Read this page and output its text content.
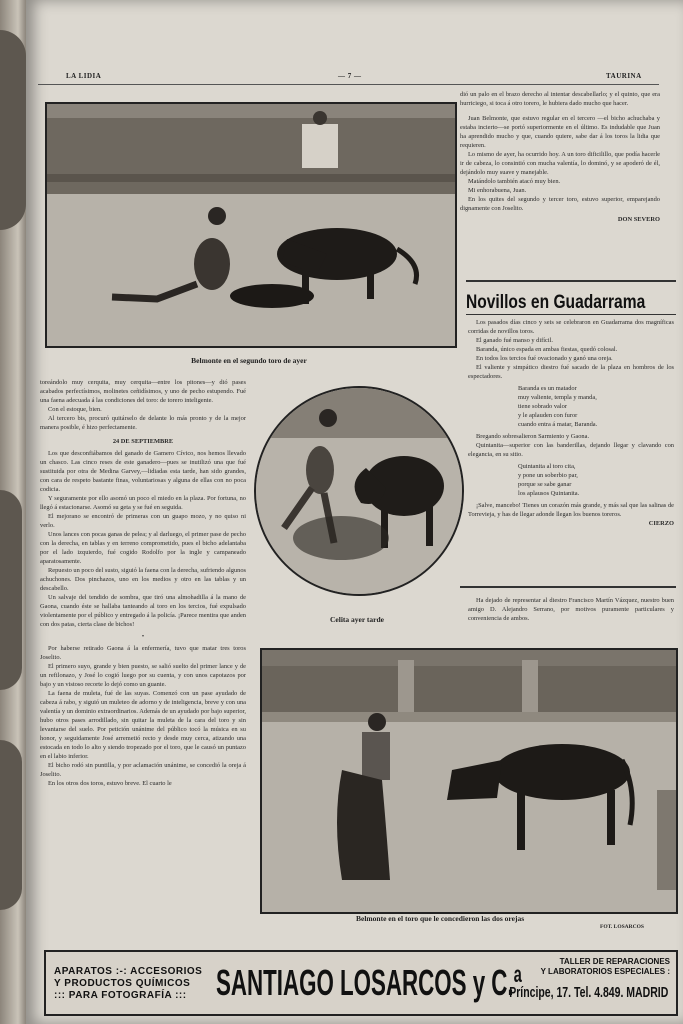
LA LIDIA	— 7 —	TAURINA
Belmonte en el segundo toro de ayer

dió un palo en el brazo derecho al intentar descabellarlo; y el quinto, que era hurriciego, si toca á otro torero, le hubiera dado mucho que hacer.

Juan Belmonte, que estuvo regular en el tercero —el bicho achuchaba y estaba incierto—se portó superiormente en el último. Es indudable que Juan ha aprendido mucho y que, cuando quiere, sabe dar á los toros la lidia que requieren.

Lo mismo de ayer, ha ocurrido hoy. A un toro dificilillo, que podía hacerle ir de cabeza, lo consintió con mucha valentía, lo dominó, y se apoderó de él, dejándolo muy suave y manejable.

Matándolo también atacó muy bien.

Mi enhorabuena, Juan.

En los quites del segundo y tercer toro, estuvo superior, emparejando dignamente con Joselito.

DON SEVERO

Novillos en Guadarrama

Los pasados días cinco y seis se celebraron en Guadarrama dos magníficas corridas de novillos toros.

El ganado fué manso y difícil.

Baranda, único espada en ambas fiestas, quedó colosal.

En todos los tercios fué ovacionado y ganó una oreja.

El valiente y simpático diestro fué sacado de la plaza en hombros de los espectadores.

Baranda es un matador

muy valiente, templa y manda,

tiene sobrado valor

y le aplauden con furor

cuando entra á matar, Baranda.

Bregando sobresalieron Sarmiento y Gaona.

Quintanita—superior con las banderillas, dejando llegar y clavando con elegancia, en su sitio.

Quintanita al toro cita,

y pone un soberbio par,

porque se sabe ganar

los aplausos Quintanita.

¡Salve, mancebo! Tienes un corazón más grande, y más sal que las salinas de Torrevieja, y has de llegar adonde llegan los buenos toreros.

CIERZO

Ha dejado de representar al diestro Francisco Martín Vázquez, nuestro buen amigo D. Alejandro Serrano, por motivos puramente particulares y conveniencia de ambos.

Celita ayer tarde

toreándolo muy cerquita, muy cerquita—entre los pitones—y dió pases acabados perfectísimos, molinetes ceñidísimos, y uno de pecho estupendo. Fué una faena adecuada á las condiciones del toro: de torero inteligente.

Con el estoque, bien.

Al tercero bis, procuró quitárselo de delante lo más pronto y de la mejor manera posible, é hizo perfectamente.

24 DE SEPTIEMBRE

Los que desconfiábamos del ganado de Gamero Cívico, nos hemos llevado un chasco. Las cinco reses de este ganadero—pues se inutilizó una que fué sustituida por otra de Medina Garvey,—lidiadas esta tarde, han sido grandes, con cara de respeto bastante finas, voluntariosas y alguna de ellas con no poca codicia.

Y seguramente por ello asomó un poco el miedo en la plaza. Por fortuna, no llegó á estacionarse. Asomó su geta y se fué en seguida.

El mejorano se encontró de primeras con un guapo mozo, y no quiso ni verlo.

Unos lances con pocas ganas de pelea; y al darluego, el primer pase de pecho con la derecha, en tablas y en terreno comprometido, pues el bicho adelantaba por el lado izquierdo, fué cogido Rodolfo por la ingle y campaneado aparatosamente.

Repuesto un poco del susto, siguió la faena con la derecha, sufriendo algunos achuchones. Dos pinchazos, uno en los medios y otro en las tablas y un descabello.

Un salvaje del tendido de sombra, que tiró una almohadilla á la mano de Gaona, cuando éste se hallaba tanteando al toro en los tercios, fué expulsado violentamente por el público y entregado á la policía. ¡Parece mentira que anden con dos patas, cierta clase de bichos!

•

Por haberse retirado Gaona á la enfermería, tuvo que matar tres toros Joselito.

El primero suyo, grande y bien puesto, se salió suelto del primer lance y de un refilonazo, y José lo cogió luego por su cuenta, y con unos capotazos por bajo y un vistoso recorte lo dejó como un guante.

La faena de muleta, fué de las suyas. Comenzó con un pase ayudado de cabeza á rabo, y siguió un muleteo de adorno y de inteligencia, breve y con una valentía y un dominio extraordinarios. Además de un ayudado por bajo superior, hubo otros pases arrodillado, sin quitar la muleta de la cara del toro y sin levantarse del suelo. Por petición unánime del público tocó la música en su honor, y seguidamente José arremetió recto y desde muy cerca, atizando una estocada en todo lo alto y siendo tropezado por el toro, que le causó un puntazo en el labio inferior.

El bicho rodó sin puntilla, y por aclamación unánime, se concedió la oreja á Joselito.

En los otros dos toros, estuvo breve. El cuarto le

Belmonte en el toro que le concedieron las dos orejas
FOT. LOSARCOS
APARATOS :-: ACCESORIOS
Y PRODUCTOS QUÍMICOS
::: PARA FOTOGRAFÍA ::: SANTIAGO LOSARCOS y C.ª
TALLER DE REPARACIONES
Y LABORATORIOS ESPECIALES :
Príncipe, 17. Tel. 4.849. MADRID
